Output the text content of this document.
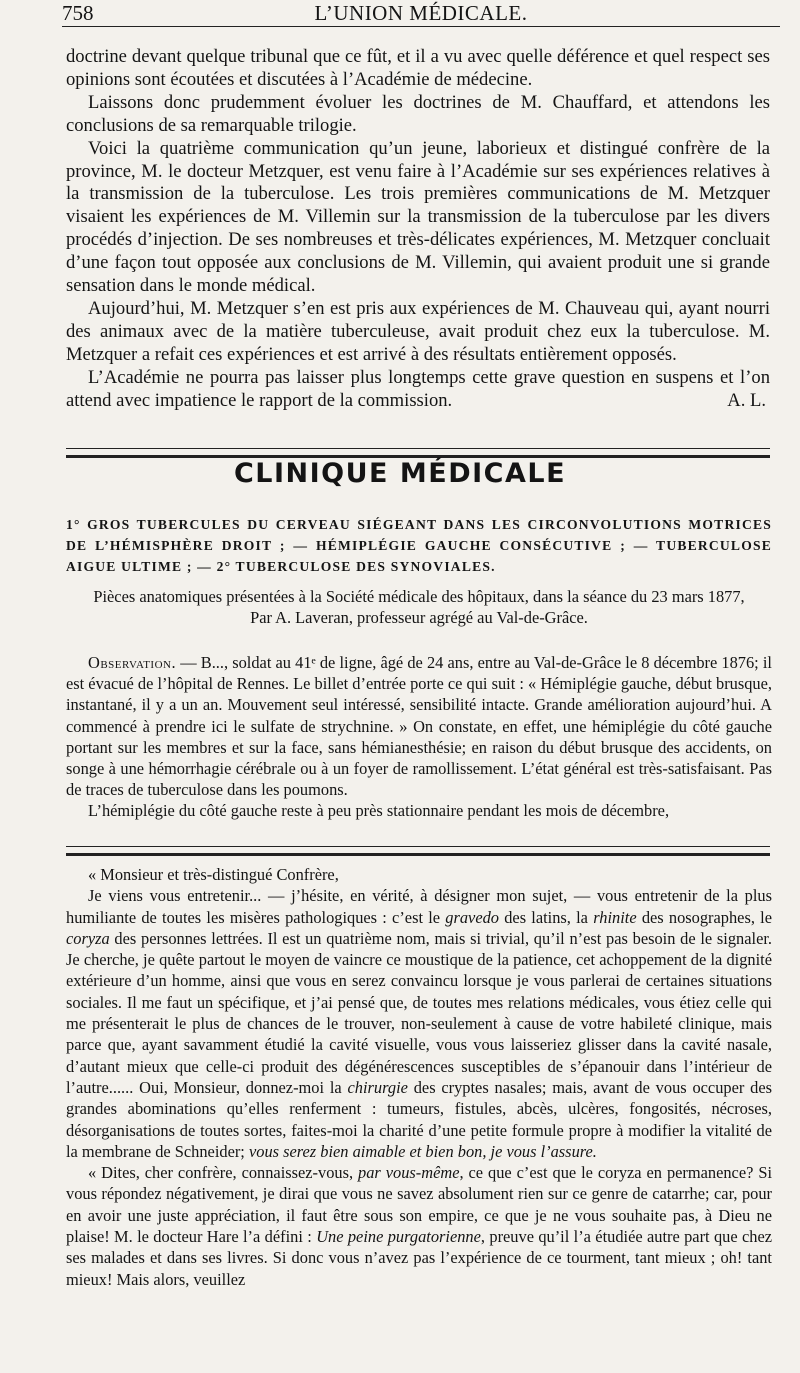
758	L’UNION MÉDICALE.

doctrine devant quelque tribunal que ce fût, et il a vu avec quelle déférence et quel respect ses opinions sont écoutées et discutées à l’Académie de médecine.

Laissons donc prudemment évoluer les doctrines de M. Chauffard, et attendons les conclusions de sa remarquable trilogie.

Voici la quatrième communication qu’un jeune, laborieux et distingué confrère de la province, M. le docteur Metzquer, est venu faire à l’Académie sur ses expériences relatives à la transmission de la tuberculose. Les trois premières communications de M. Metzquer visaient les expériences de M. Villemin sur la transmission de la tuberculose par les divers procédés d’injection. De ses nombreuses et très-délicates expériences, M. Metzquer concluait d’une façon tout opposée aux conclusions de M. Villemin, qui avaient produit une si grande sensation dans le monde médical.

Aujourd’hui, M. Metzquer s’en est pris aux expériences de M. Chauveau qui, ayant nourri des animaux avec de la matière tuberculeuse, avait produit chez eux la tuberculose. M. Metzquer a refait ces expériences et est arrivé à des résultats entièrement opposés.

L’Académie ne pourra pas laisser plus longtemps cette grave question en suspens et l’on attend avec impatience le rapport de la commission.	A. L.

CLINIQUE MÉDICALE
1° GROS TUBERCULES DU CERVEAU SIÉGEANT DANS LES CIRCONVOLUTIONS MOTRICES DE L’HÉMISPHÈRE DROIT ; — HÉMIPLÉGIE GAUCHE CONSÉCUTIVE ; — TUBERCULOSE AIGUE ULTIME ; — 2° TUBERCULOSE DES SYNOVIALES.

Pièces anatomiques présentées à la Société médicale des hôpitaux, dans la séance du 23 mars 1877,

Par A. Laveran, professeur agrégé au Val-de-Grâce.

Observation. — B..., soldat au 41ᵉ de ligne, âgé de 24 ans, entre au Val-de-Grâce le 8 décembre 1876; il est évacué de l’hôpital de Rennes. Le billet d’entrée porte ce qui suit : « Hémiplégie gauche, début brusque, instantané, il y a un an. Mouvement seul intéressé, sensibilité intacte. Grande amélioration aujourd’hui. A commencé à prendre ici le sulfate de strychnine. » On constate, en effet, une hémiplégie du côté gauche portant sur les membres et sur la face, sans hémianesthésie; en raison du début brusque des accidents, on songe à une hémorrhagie cérébrale ou à un foyer de ramollissement. L’état général est très-satisfaisant. Pas de traces de tuberculose dans les poumons.

L’hémiplégie du côté gauche reste à peu près stationnaire pendant les mois de décembre,

« Monsieur et très-distingué Confrère,

Je viens vous entretenir... — j’hésite, en vérité, à désigner mon sujet, — vous entretenir de la plus humiliante de toutes les misères pathologiques : c’est le gravedo des latins, la rhinite des nosographes, le coryza des personnes lettrées. Il est un quatrième nom, mais si trivial, qu’il n’est pas besoin de le signaler. Je cherche, je quête partout le moyen de vaincre ce moustique de la patience, cet achoppement de la dignité extérieure d’un homme, ainsi que vous en serez convaincu lorsque je vous parlerai de certaines situations sociales. Il me faut un spécifique, et j’ai pensé que, de toutes mes relations médicales, vous étiez celle qui me présenterait le plus de chances de le trouver, non-seulement à cause de votre habileté clinique, mais parce que, ayant savamment étudié la cavité visuelle, vous vous laisseriez glisser dans la cavité nasale, d’autant mieux que celle-ci produit des dégénérescences susceptibles de s’épanouir dans l’intérieur de l’autre...... Oui, Monsieur, donnez-moi la chirurgie des cryptes nasales; mais, avant de vous occuper des grandes abominations qu’elles renferment : tumeurs, fistules, abcès, ulcères, fongosités, nécroses, désorganisations de toutes sortes, faites-moi la charité d’une petite formule propre à modifier la vitalité de la membrane de Schneider; vous serez bien aimable et bien bon, je vous l’assure.

« Dites, cher confrère, connaissez-vous, par vous-même, ce que c’est que le coryza en permanence? Si vous répondez négativement, je dirai que vous ne savez absolument rien sur ce genre de catarrhe; car, pour en avoir une juste appréciation, il faut être sous son empire, ce que je ne vous souhaite pas, à Dieu ne plaise! M. le docteur Hare l’a défini : Une peine purgatorienne, preuve qu’il l’a étudiée autre part que chez ses malades et dans ses livres. Si donc vous n’avez pas l’expérience de ce tourment, tant mieux ; oh! tant mieux! Mais alors, veuillez
